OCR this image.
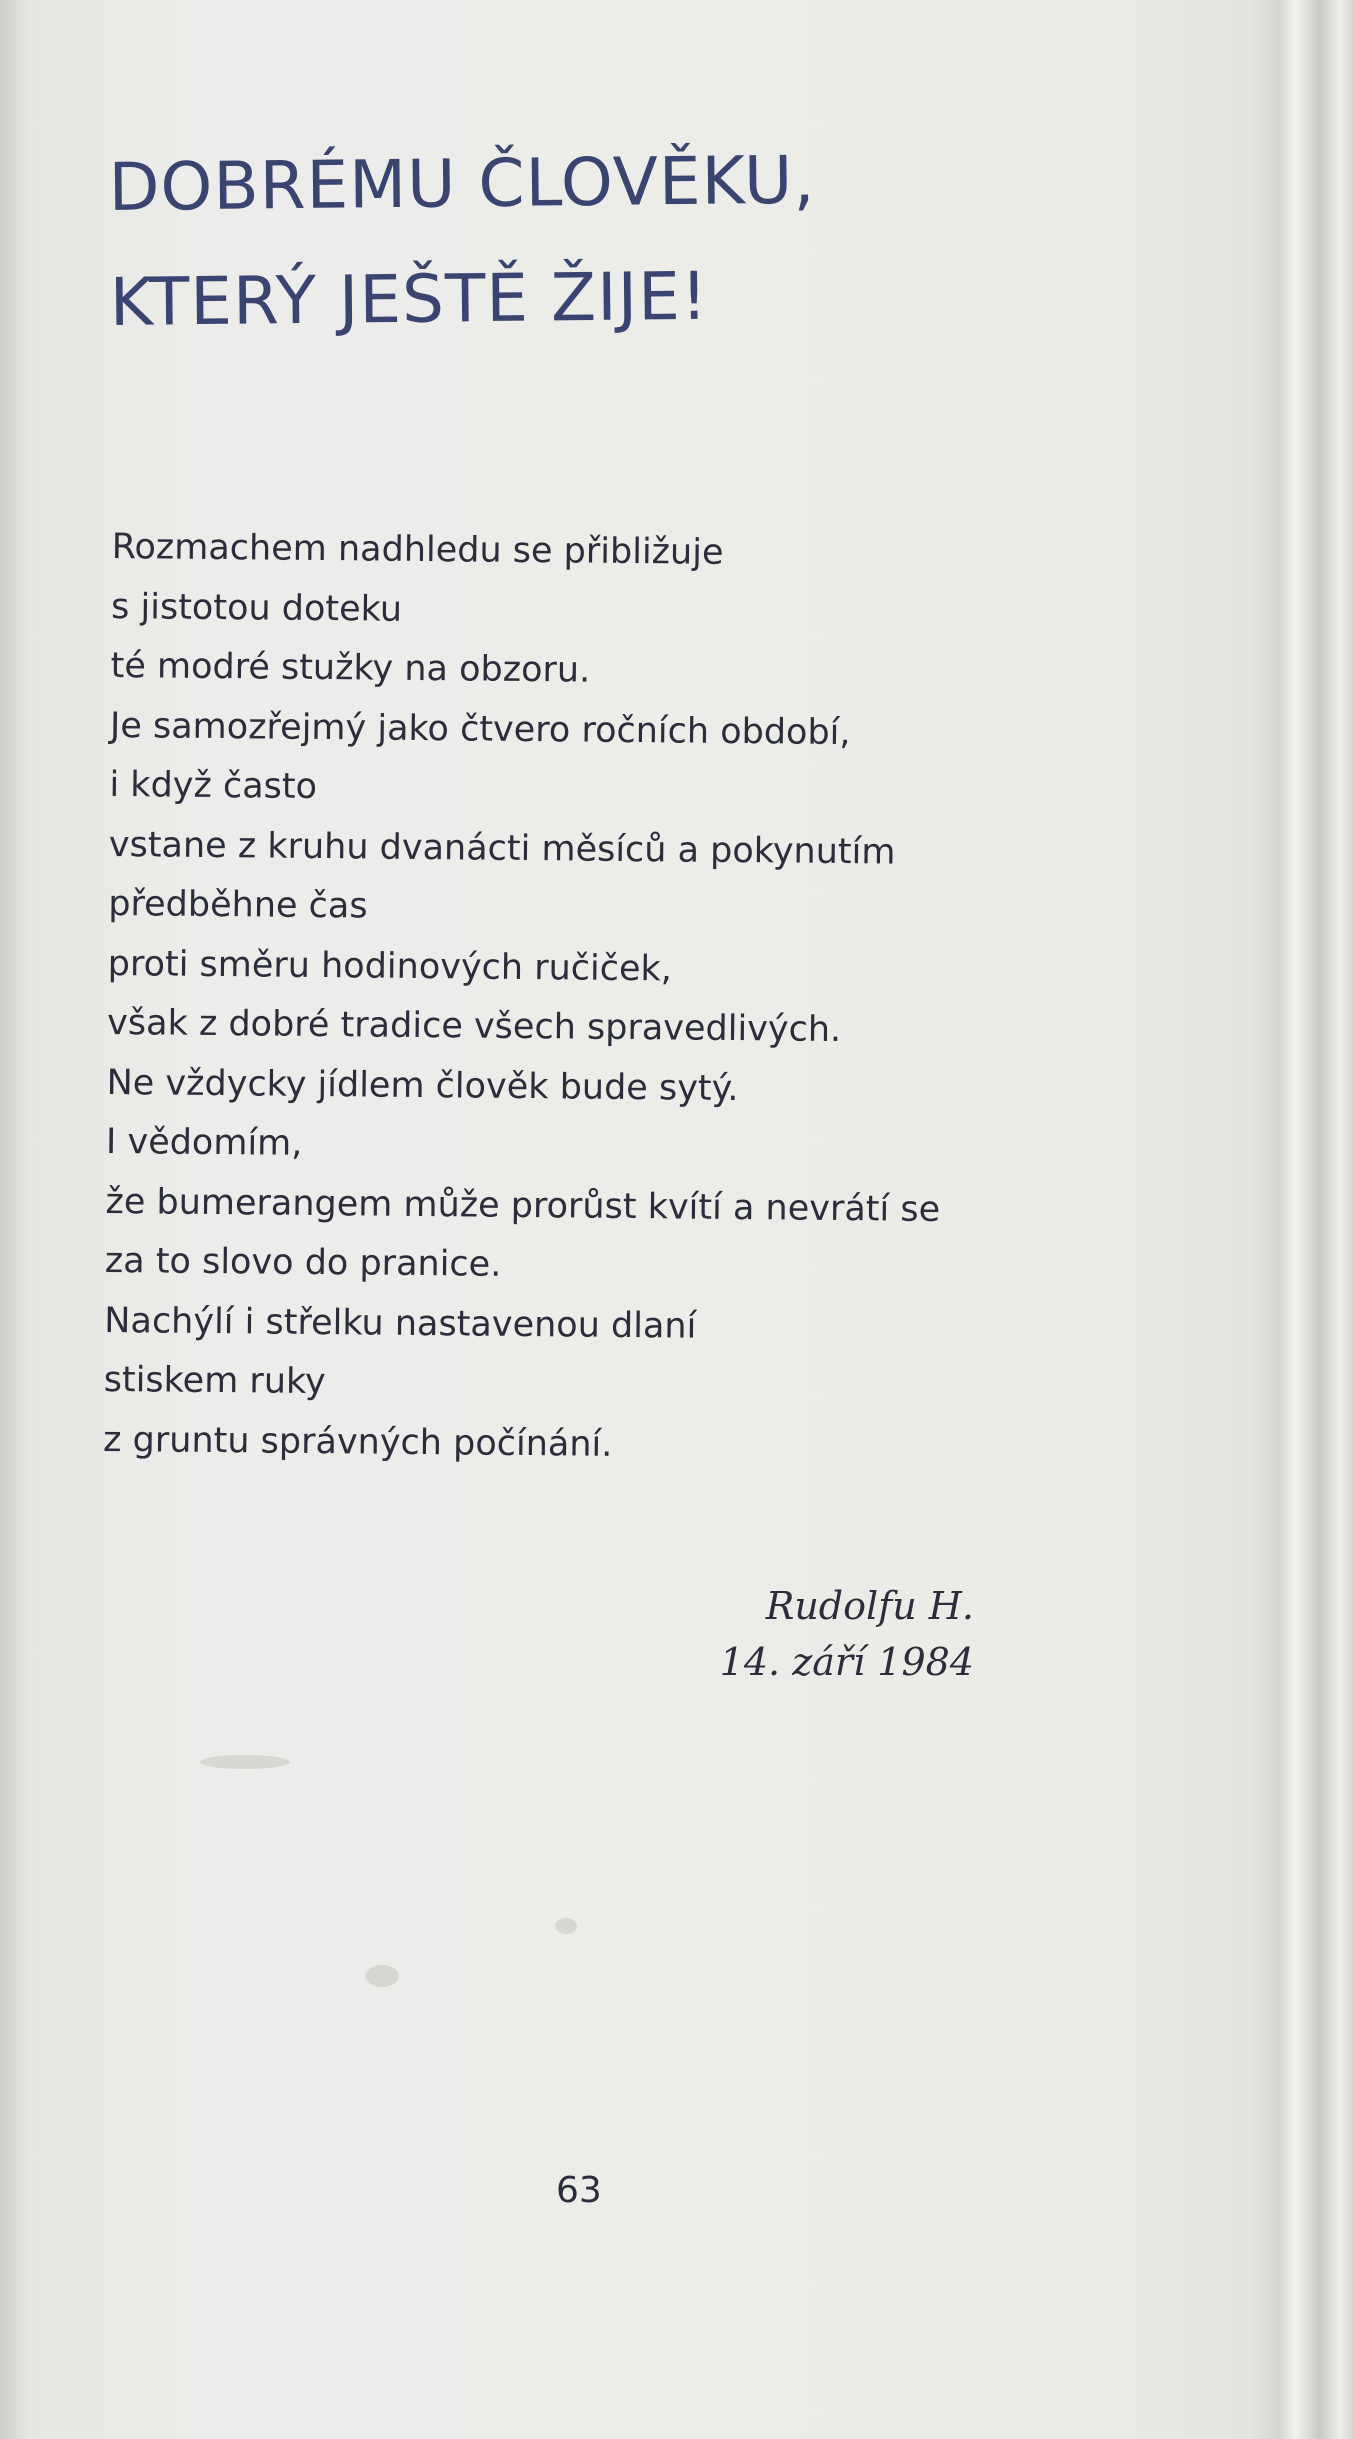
DOBRÉMU ČLOVĚKU,
KTERÝ JEŠTĚ ŽIJE!
Rozmachem nadhledu se přibližuje
s jistotou doteku
té modré stužky na obzoru.
Je samozřejmý jako čtvero ročních období,
i když často
vstane z kruhu dvanácti měsíců a pokynutím
předběhne čas
proti směru hodinových ručiček,
však z dobré tradice všech spravedlivých.
Ne vždycky jídlem člověk bude sytý.
I vědomím,
že bumerangem může prorůst kvítí a nevrátí se
za to slovo do pranice.
Nachýlí i střelku nastavenou dlaní
stiskem ruky
z gruntu správných počínání.
Rudolfu H.
14. září 1984
63
